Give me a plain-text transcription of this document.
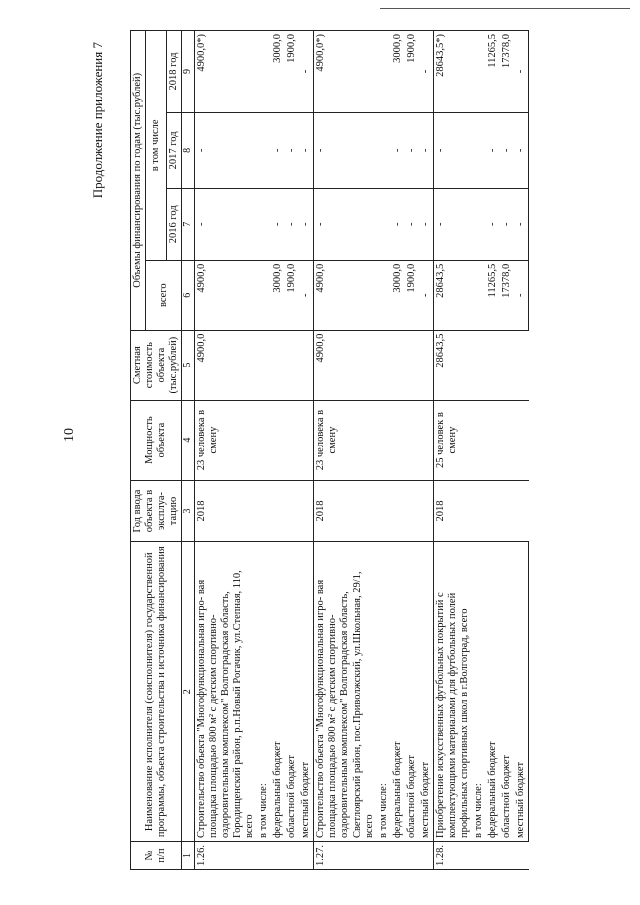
10
Продолжение приложения 7
№ п/п	Наименование исполнителя (соисполнителя) государственной программы, объекта строительства и источника финансирования	Год ввода объекта в эксплуа- тацию	Мощность объекта	Сметная стоимость объекта (тыс.рублей)	Объемы финансирования по годам (тыс.рублей)			
					всего	в том числе		
						2016 год	2017 год	2018 год
1	2	3	4	5	6	7	8	9
1.26.	Строительство объекта "Многофункциональная игро- вая площадка площадью 800 м² с детским спортивно- оздоровительным комплексом" Волгоградская область, Городищенский район, р.п.Новый Рогачик, ул.Степная, 110, всего	2018	23 человека в смену	4900,0	4900,0	-	-	4900,0*)
	в том числе:							
	федеральный бюджет				3000,0	-	-	3000,0
	областной бюджет				1900,0	-	-	1900,0
	местный бюджет				-	-	-	-
1.27.	Строительство объекта "Многофункциональная игро- вая площадка площадью 800 м² с детским спортивно- оздоровительным комплексом" Волгоградская область, Светлоярский район, пос.Приволжский, ул.Школьная, 29/1, всего	2018	23 человека в смену	4900,0	4900,0	-	-	4900,0*)
	в том числе:							
	федеральный бюджет				3000,0	-	-	3000,0
	областной бюджет				1900,0	-	-	1900,0
	местный бюджет				-	-	-	-
1.28.	Приобретение искусственных футбольных покрытий с комплектующими материалами для футбольных полей профильных спортивных школ в г.Волгоград, всего	2018	25 человек в смену	28643,5	28643,5	-	-	28643,5*)
	в том числе:							
	федеральный бюджет				11265,5	-	-	11265,5
	областной бюджет				17378,0	-	-	17378,0
	местный бюджет				-	-	-	-
